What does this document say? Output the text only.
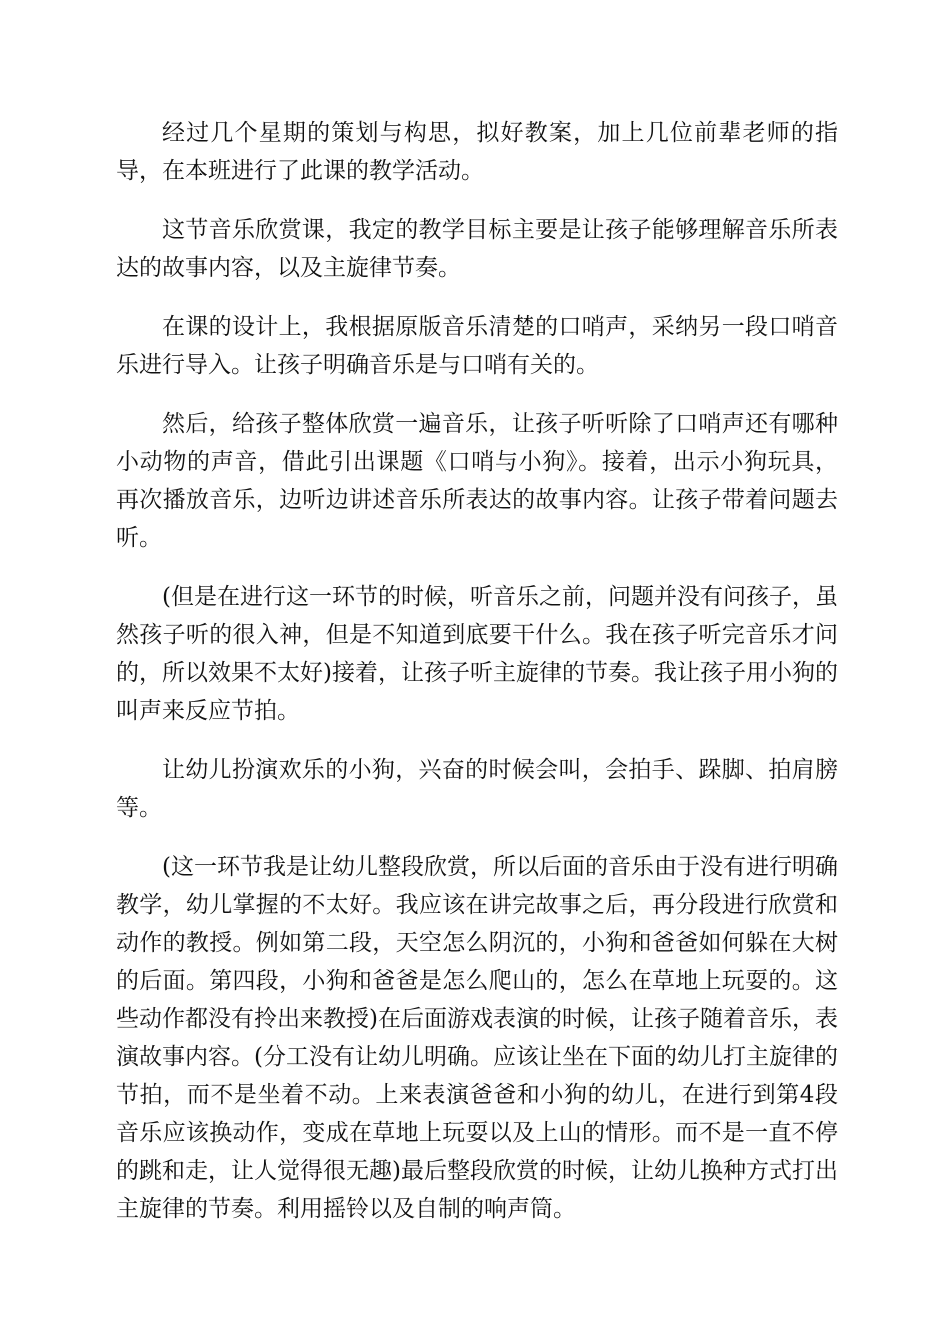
经过几个星期的策划与构思，拟好教案，加上几位前辈老师的指导，在本班进行了此课的教学活动。

这节音乐欣赏课，我定的教学目标主要是让孩子能够理解音乐所表达的故事内容，以及主旋律节奏。

在课的设计上，我根据原版音乐清楚的口哨声，采纳另一段口哨音乐进行导入。让孩子明确音乐是与口哨有关的。

然后，给孩子整体欣赏一遍音乐，让孩子听听除了口哨声还有哪种小动物的声音，借此引出课题《口哨与小狗》。接着，出示小狗玩具，再次播放音乐，边听边讲述音乐所表达的故事内容。让孩子带着问题去听。

(但是在进行这一环节的时候，听音乐之前，问题并没有问孩子，虽然孩子听的很入神，但是不知道到底要干什么。我在孩子听完音乐才问的，所以效果不太好)接着，让孩子听主旋律的节奏。我让孩子用小狗的叫声来反应节拍。

让幼儿扮演欢乐的小狗，兴奋的时候会叫，会拍手、跺脚、拍肩膀等。

(这一环节我是让幼儿整段欣赏，所以后面的音乐由于没有进行明确教学，幼儿掌握的不太好。我应该在讲完故事之后，再分段进行欣赏和动作的教授。例如第二段，天空怎么阴沉的，小狗和爸爸如何躲在大树的后面。第四段，小狗和爸爸是怎么爬山的，怎么在草地上玩耍的。这些动作都没有拎出来教授)在后面游戏表演的时候，让孩子随着音乐，表演故事内容。(分工没有让幼儿明确。应该让坐在下面的幼儿打主旋律的节拍，而不是坐着不动。上来表演爸爸和小狗的幼儿，在进行到第4段音乐应该换动作，变成在草地上玩耍以及上山的情形。而不是一直不停的跳和走，让人觉得很无趣)最后整段欣赏的时候，让幼儿换种方式打出主旋律的节奏。利用摇铃以及自制的响声筒。
